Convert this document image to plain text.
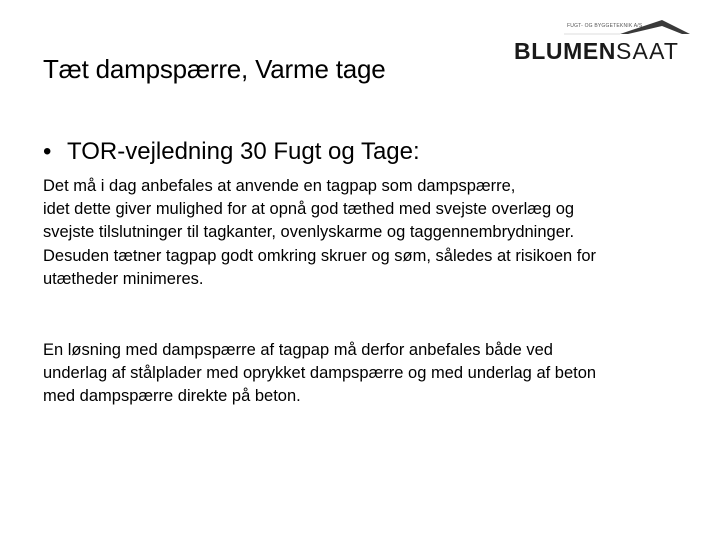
Tæt dampspærre, Varme tage
FUGT- OG BYGGETEKNIK A/S
BLUMENSAAT
• TOR-vejledning 30 Fugt og Tage:

Det må i dag anbefales at anvende en tagpap som dampspærre,
idet dette giver mulighed for at opnå god tæthed med svejste overlæg og
svejste tilslutninger til tagkanter, ovenlyskarme og taggennembrydninger.
Desuden tætner tagpap godt omkring skruer og søm, således at risikoen for
utætheder minimeres.

En løsning med dampspærre af tagpap må derfor anbefales både ved
underlag af stålplader med oprykket dampspærre og med underlag af beton
med dampspærre direkte på beton.
